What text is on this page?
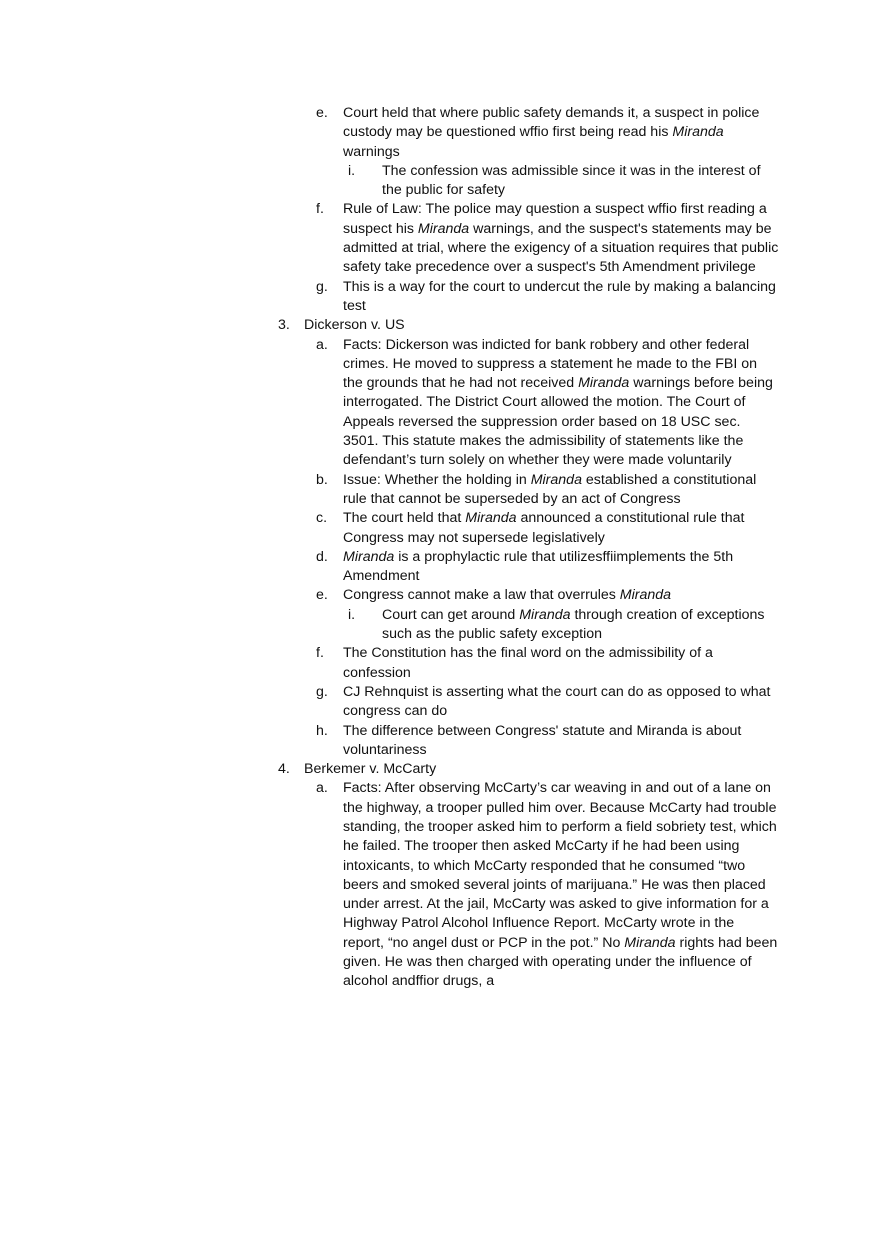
e. Court held that where public safety demands it, a suspect in police custody may be questioned wffio first being read his Miranda warnings
i. The confession was admissible since it was in the interest of the public for safety
f. Rule of Law: The police may question a suspect wffio first reading a suspect his Miranda warnings, and the suspect's statements may be admitted at trial, where the exigency of a situation requires that public safety take precedence over a suspect's 5th Amendment privilege
g. This is a way for the court to undercut the rule by making a balancing test
3. Dickerson v. US
a. Facts: Dickerson was indicted for bank robbery and other federal crimes. He moved to suppress a statement he made to the FBI on the grounds that he had not received Miranda warnings before being interrogated. The District Court allowed the motion. The Court of Appeals reversed the suppression order based on 18 USC sec. 3501. This statute makes the admissibility of statements like the defendant’s turn solely on whether they were made voluntarily
b. Issue: Whether the holding in Miranda established a constitutional rule that cannot be superseded by an act of Congress
c. The court held that Miranda announced a constitutional rule that Congress may not supersede legislatively
d. Miranda is a prophylactic rule that utilizesffiimplements the 5th Amendment
e. Congress cannot make a law that overrules Miranda
i. Court can get around Miranda through creation of exceptions such as the public safety exception
f. The Constitution has the final word on the admissibility of a confession
g. CJ Rehnquist is asserting what the court can do as opposed to what congress can do
h. The difference between Congress' statute and Miranda is about voluntariness
4. Berkemer v. McCarty
a. Facts: After observing McCarty’s car weaving in and out of a lane on the highway, a trooper pulled him over. Because McCarty had trouble standing, the trooper asked him to perform a field sobriety test, which he failed. The trooper then asked McCarty if he had been using intoxicants, to which McCarty responded that he consumed “two beers and smoked several joints of marijuana.” He was then placed under arrest. At the jail, McCarty was asked to give information for a Highway Patrol Alcohol Influence Report. McCarty wrote in the report, “no angel dust or PCP in the pot.” No Miranda rights had been given. He was then charged with operating under the influence of alcohol andffior drugs, a
